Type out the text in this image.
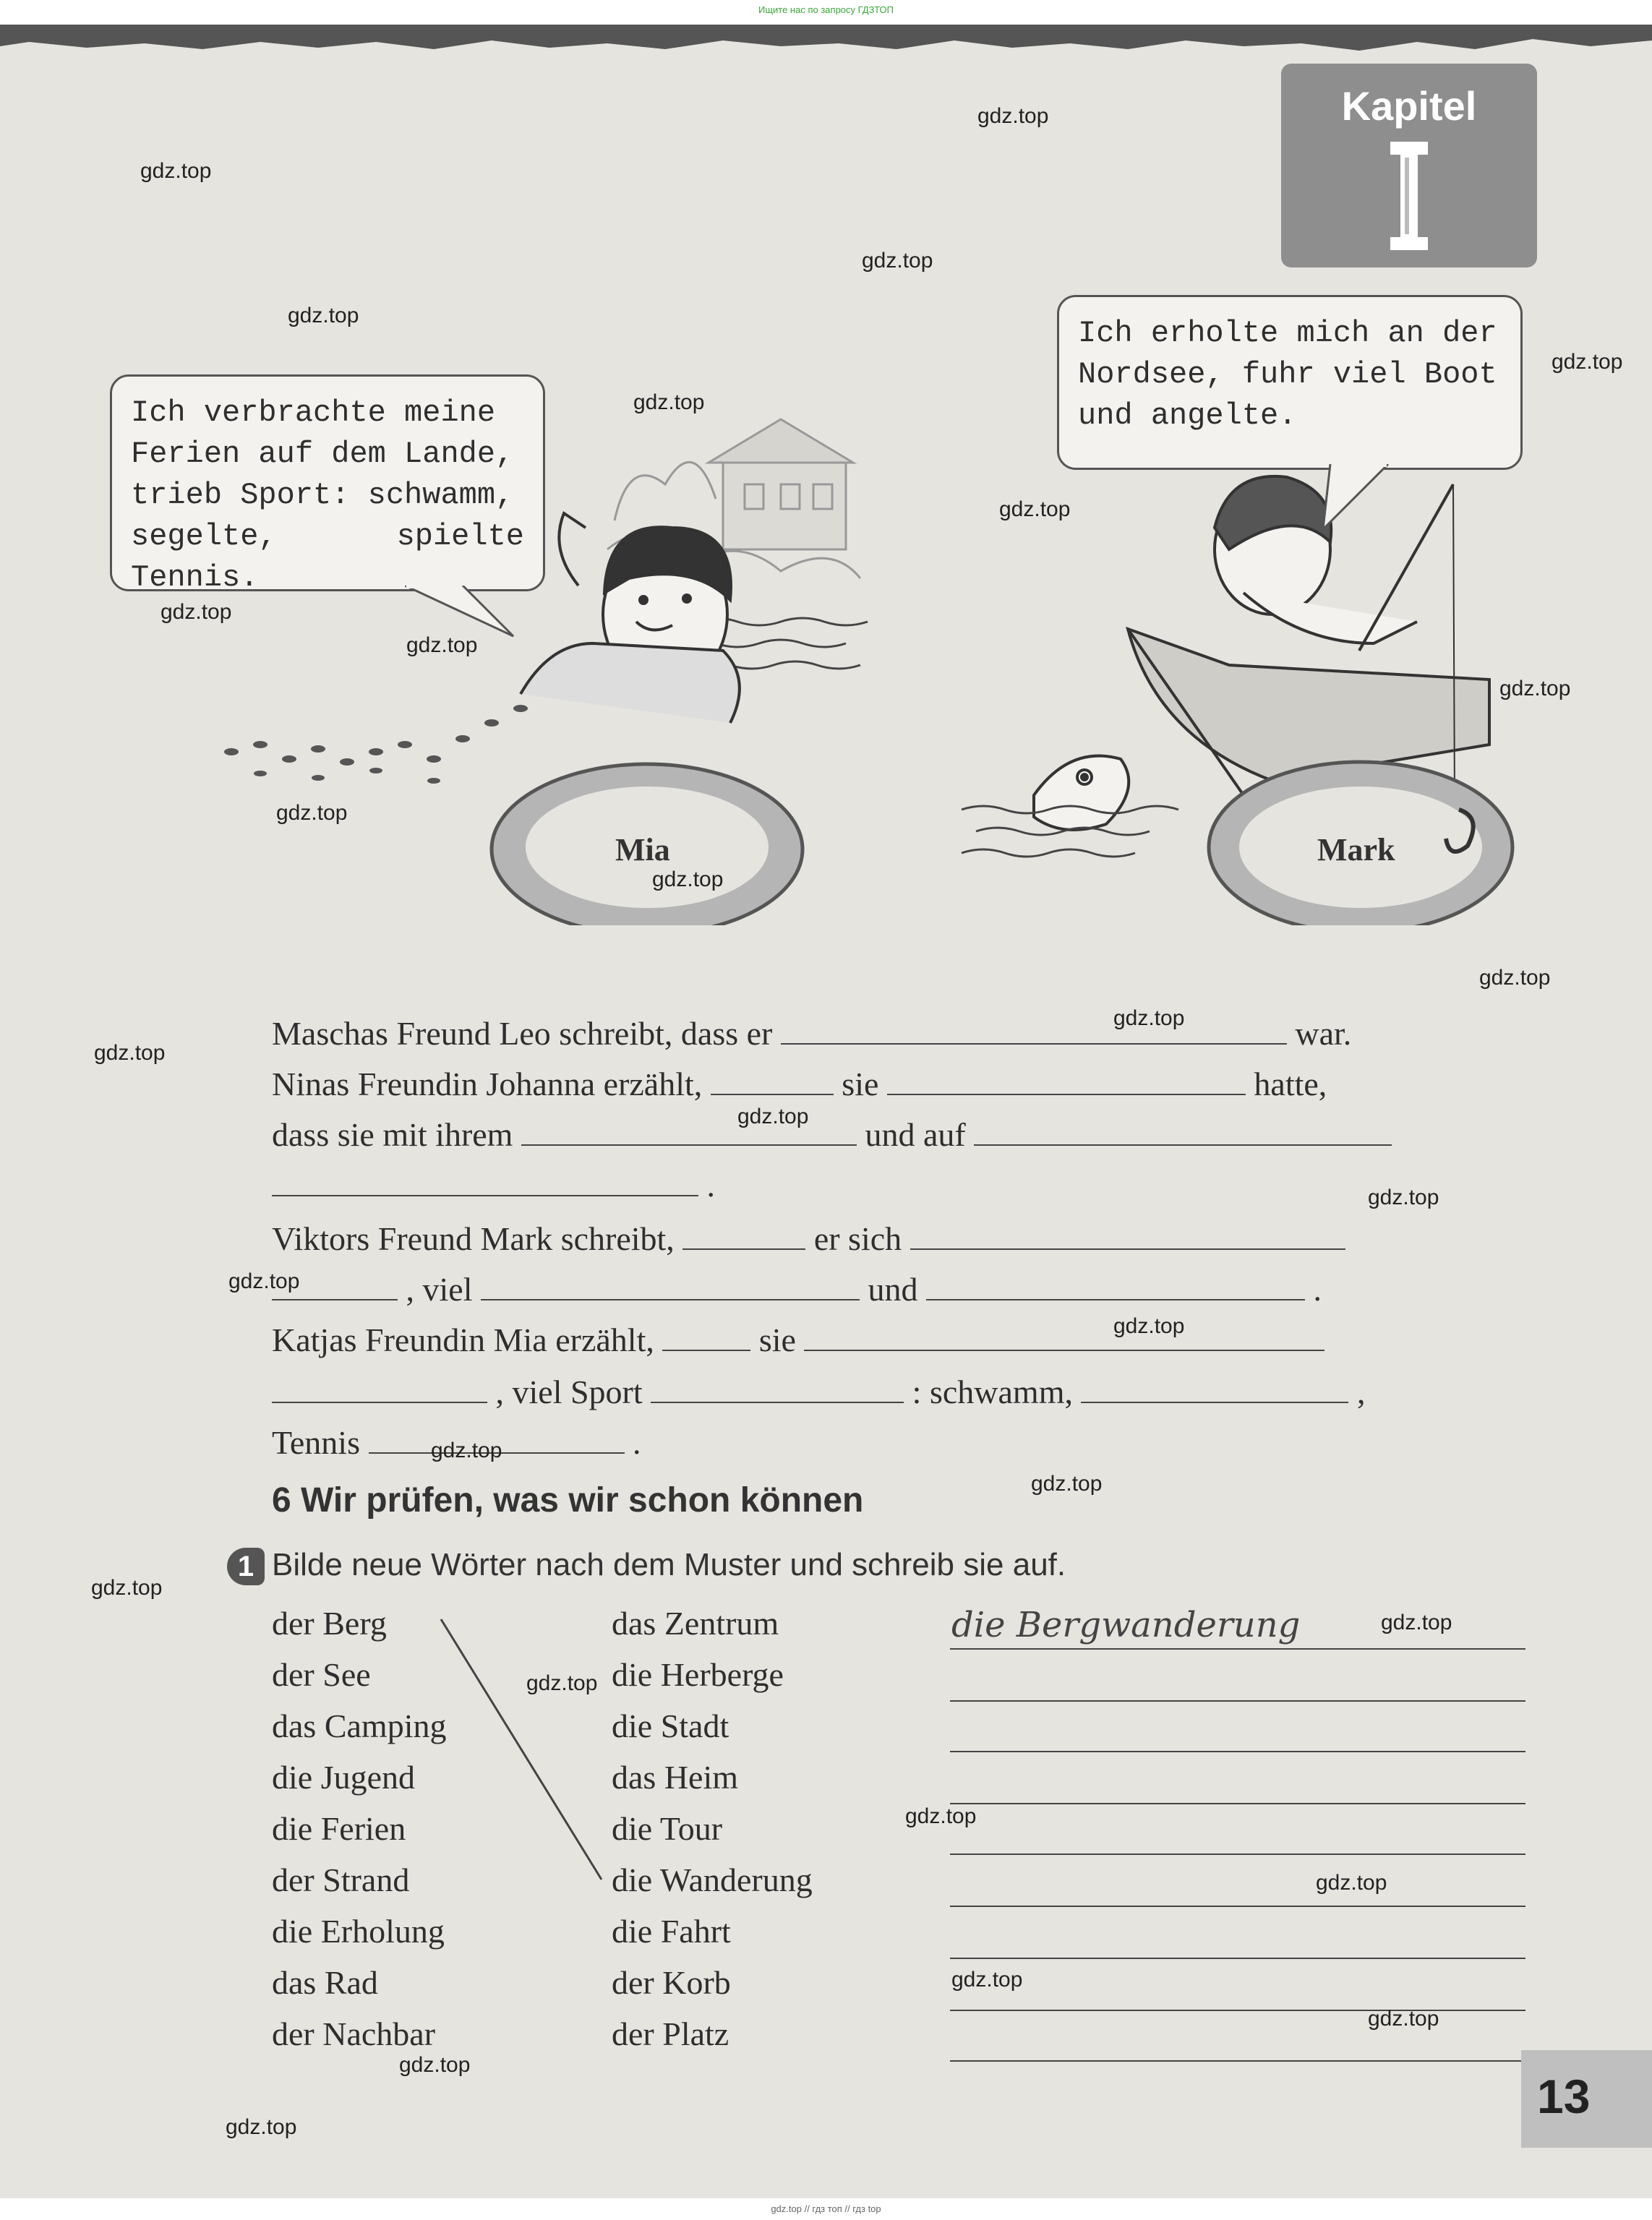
Ищите нас по запросу ГДЗТОП
Kapitel
Mia	Mark
Ich verbrachte meine
Ferien auf dem Lande,
trieb Sport: schwamm,
segelte, spielte Tennis.
Ich erholte mich an der
Nordsee, fuhr viel Boot
und angelte.
Maschas Freund Leo schreibt, dass er	war.
Ninas Freundin Johanna erzählt,	sie	hatte,
dass sie mit ihrem	und auf
.
Viktors Freund Mark schreibt,	er sich
, viel	und	.
Katjas Freundin Mia erzählt,	sie
, viel Sport	: schwamm,	,
Tennis	.
6 Wir prüfen, was wir schon können
1 Bilde neue Wörter nach dem Muster und schreib sie auf.
der Berg
der See
das Camping
die Jugend
die Ferien
der Strand
die Erholung
das Rad
der Nachbar
das Zentrum
die Herberge
die Stadt
das Heim
die Tour
die Wanderung
die Fahrt
der Korb
der Platz
die Bergwanderung
13
gdz.top
gdz.top
gdz.top
gdz.top
gdz.top
gdz.top
gdz.top
gdz.top
gdz.top
gdz.top
gdz.top
gdz.top
gdz.top
gdz.top
gdz.top
gdz.top
gdz.top
gdz.top
gdz.top
gdz.top
gdz.top
gdz.top
gdz.top
gdz.top
gdz.top
gdz.top
gdz.top
gdz.top
gdz.top
gdz.top
gdz.top // гдз топ // гдз top
